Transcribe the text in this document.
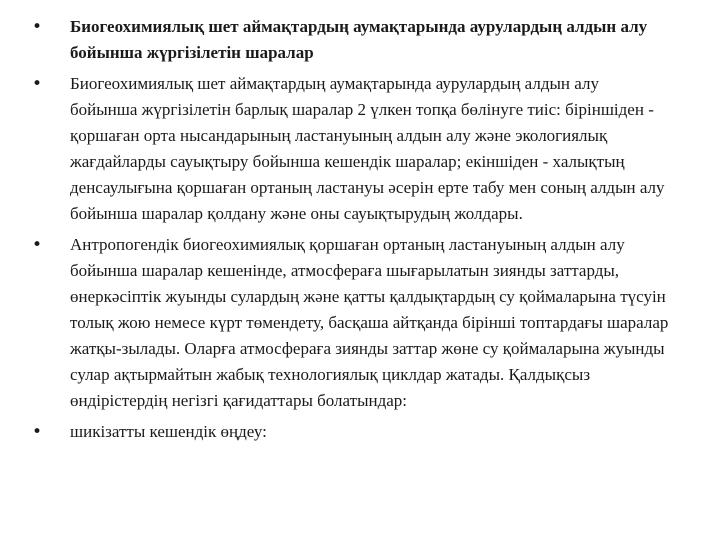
•	Биогеохимиялық шет аймақтардың аумақтарында аурулардың алдын алу бойынша жүргізілетін шаралар
•	Биогеохимиялық шет аймақтардың аумақтарында аурулардың алдын алу бойынша жүргізілетін барлық шаралар 2 үлкен топқа бөлінуге тиіс: біріншіден - қоршаған орта нысандарының ластануының алдын алу және экологиялық жағдайларды сауықтыру бойынша кешендік шаралар; екіншіден - халықтың денсаулығына қоршаған ортаның ластануы әсерін ерте табу мен соның алдын алу бойынша шаралар қолдану және оны сауықтырудың жолдары.
•	Антропогендік биогеохимиялық қоршаған ортаның ластануының алдын алу бойынша шаралар кешенінде, атмосфераға шығарылатын зиянды заттарды, өнеркәсіптік жуынды сулардың және қатты қалдықтардың су қоймаларына түсуін толық жою немесе күрт төмендету, басқаша айтқанда бірінші топтардағы шаралар жатқы-зылады. Оларға атмосфераға зиянды заттар жөне су қоймаларына жуынды сулар ақтырмайтын жабық технологиялық циклдар жатады. Қалдықсыз өндірістердің негізгі қағидаттары болатындар:
•	шикізатты кешендік өңдеу:
